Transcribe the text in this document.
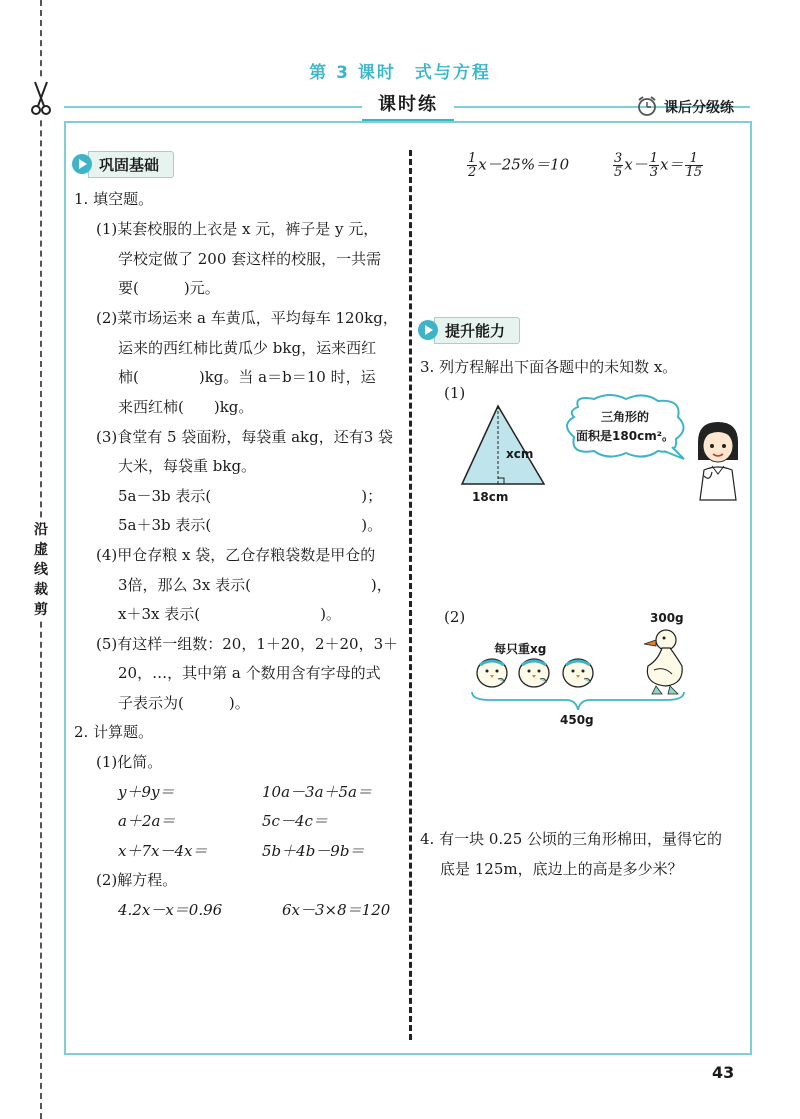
沿
虚
线
裁
剪
第 3 课时　式与方程
课时练	课后分级练
巩固基础
1. 填空题。
(1)某套校服的上衣是 x 元，裤子是 y 元，
学校定做了 200 套这样的校服，一共需
要(　　　)元。
(2)菜市场运来 a 车黄瓜，平均每车 120kg，
运来的西红柿比黄瓜少 bkg，运来西红
柿(　　　　)kg。当 a＝b＝10 时，运
来西红柿(　　)kg。
(3)食堂有 5 袋面粉，每袋重 akg，还有3 袋
大米，每袋重 bkg。
5a－3b 表示(　　　　　　　　　　)；
5a＋3b 表示(　　　　　　　　　　)。
(4)甲仓存粮 x 袋，乙仓存粮袋数是甲仓的
3倍，那么 3x 表示(　　　　　　　　)，
x＋3x 表示(　　　　　　　　)。
(5)有这样一组数：20，1＋20，2＋20，3＋
20，…，其中第 a 个数用含有字母的式
子表示为(　　　)。
2. 计算题。
(1)化简。
y＋9y＝	10a－3a＋5a＝
a＋2a＝	5c－4c＝
x＋7x－4x＝	5b＋4b－9b＝
(2)解方程。
4.2x－x＝0.96	6x－3×8＝120
$\frac{1}{2} x-25\%=10$	$\frac{3}{5} x- \frac{1}{3} x= \frac{1}{15}$
提升能力
3. 列方程解出下面各题中的未知数 x。
(1)
xcm
18cm
三角形的
面积是180cm²。
(2)
每只重xg
300g
450g
4. 有一块 0.25 公顷的三角形棉田，量得它的
底是 125m，底边上的高是多少米？
43
